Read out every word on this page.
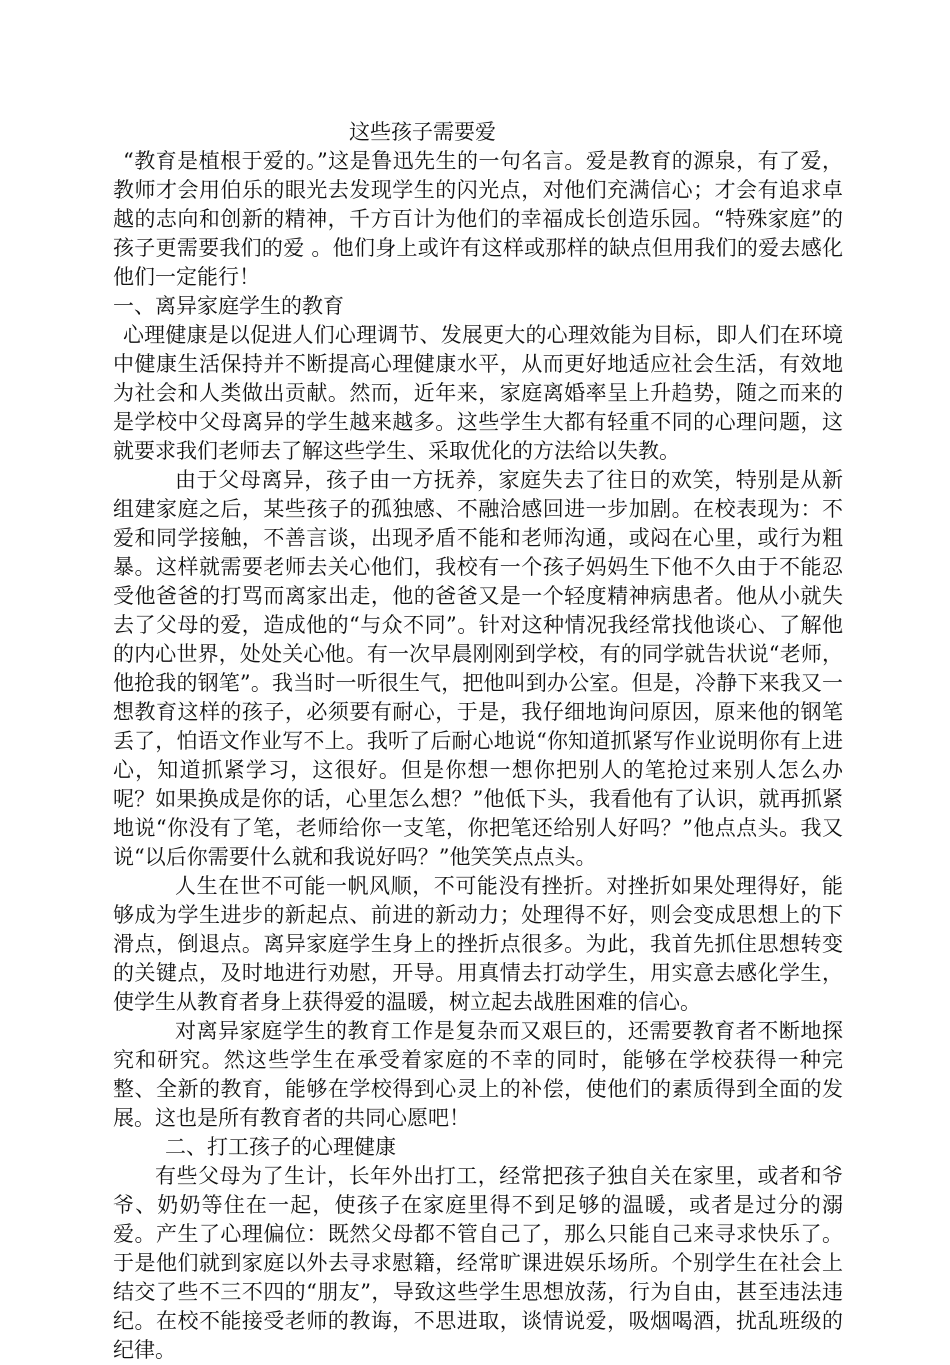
这些孩子需要爱

“教育是植根于爱的。”这是鲁迅先生的一句名言。爱是教育的源泉，有了爱，教师才会用伯乐的眼光去发现学生的闪光点，对他们充满信心；才会有追求卓越的志向和创新的精神，千方百计为他们的幸福成长创造乐园。“特殊家庭”的孩子更需要我们的爱 。他们身上或许有这样或那样的缺点但用我们的爱去感化他们一定能行！

一、离异家庭学生的教育

心理健康是以促进人们心理调节、发展更大的心理效能为目标，即人们在环境中健康生活保持并不断提高心理健康水平，从而更好地适应社会生活，有效地为社会和人类做出贡献。然而，近年来，家庭离婚率呈上升趋势，随之而来的是学校中父母离异的学生越来越多。这些学生大都有轻重不同的心理问题，这就要求我们老师去了解这些学生、采取优化的方法给以失教。

由于父母离异，孩子由一方抚养，家庭失去了往日的欢笑，特别是从新组建家庭之后，某些孩子的孤独感、不融洽感回进一步加剧。在校表现为：不爱和同学接触，不善言谈，出现矛盾不能和老师沟通，或闷在心里，或行为粗暴。这样就需要老师去关心他们，我校有一个孩子妈妈生下他不久由于不能忍受他爸爸的打骂而离家出走，他的爸爸又是一个轻度精神病患者。他从小就失去了父母的爱，造成他的“与众不同”。针对这种情况我经常找他谈心、了解他的内心世界，处处关心他。有一次早晨刚刚到学校，有的同学就告状说“老师，他抢我的钢笔”。我当时一听很生气，把他叫到办公室。但是，冷静下来我又一想教育这样的孩子，必须要有耐心，于是，我仔细地询问原因，原来他的钢笔丢了，怕语文作业写不上。我听了后耐心地说“你知道抓紧写作业说明你有上进心，知道抓紧学习，这很好。但是你想一想你把别人的笔抢过来别人怎么办呢？如果换成是你的话，心里怎么想？”他低下头，我看他有了认识，就再抓紧地说“你没有了笔，老师给你一支笔，你把笔还给别人好吗？”他点点头。我又说“以后你需要什么就和我说好吗？”他笑笑点点头。

人生在世不可能一帆风顺，不可能没有挫折。对挫折如果处理得好，能够成为学生进步的新起点、前进的新动力；处理得不好，则会变成思想上的下滑点，倒退点。离异家庭学生身上的挫折点很多。为此，我首先抓住思想转变的关键点，及时地进行劝慰，开导。用真情去打动学生，用实意去感化学生，使学生从教育者身上获得爱的温暖，树立起去战胜困难的信心。

对离异家庭学生的教育工作是复杂而又艰巨的，还需要教育者不断地探究和研究。然这些学生在承受着家庭的不幸的同时，能够在学校获得一种完整、全新的教育，能够在学校得到心灵上的补偿，使他们的素质得到全面的发展。这也是所有教育者的共同心愿吧！

二、打工孩子的心理健康

有些父母为了生计，长年外出打工，经常把孩子独自关在家里，或者和爷爷、奶奶等住在一起，使孩子在家庭里得不到足够的温暖，或者是过分的溺爱。产生了心理偏位：既然父母都不管自己了，那么只能自己来寻求快乐了。于是他们就到家庭以外去寻求慰籍，经常旷课进娱乐场所。个别学生在社会上结交了些不三不四的“朋友”，导致这些学生思想放荡，行为自由，甚至违法违纪。在校不能接受老师的教诲，不思进取，谈情说爱，吸烟喝酒，扰乱班级的纪律。
